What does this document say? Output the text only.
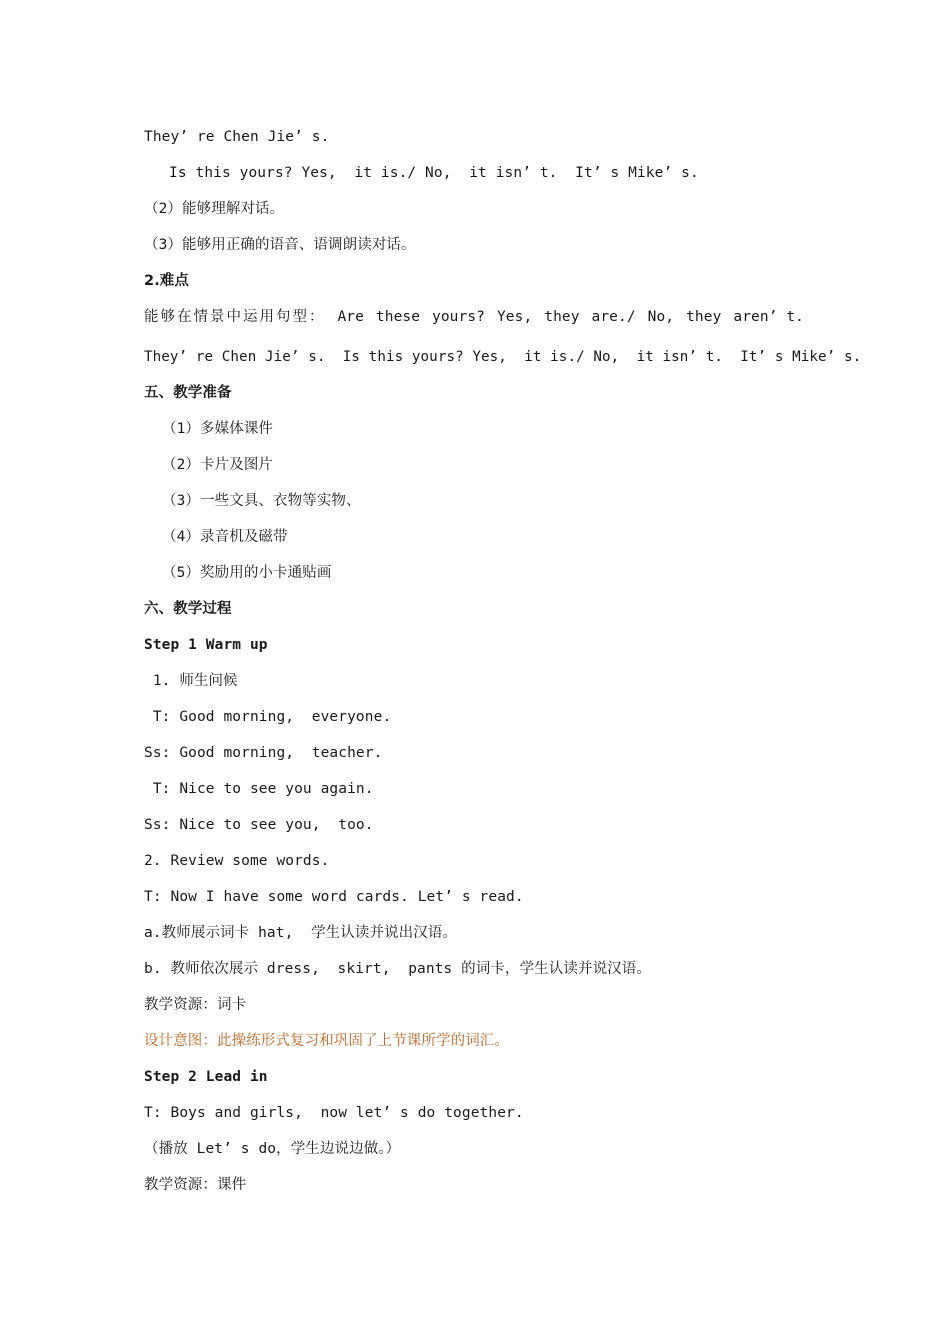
They’ re Chen Jie’ s.
Is this yours? Yes,  it is./ No,  it isn’ t.  It’ s Mike’ s.
（2）能够理解对话。
（3）能够用正确的语音、语调朗读对话。
2.难点
能够在情景中运用句型： Are these yours? Yes, they are./ No, they aren’ t.
They’ re Chen Jie’ s.  Is this yours? Yes,  it is./ No,  it isn’ t.  It’ s Mike’ s.
五、教学准备
（1）多媒体课件
（2）卡片及图片
（3）一些文具、衣物等实物、
（4）录音机及磁带
（5）奖励用的小卡通贴画
六、教学过程
Step 1 Warm up
1. 师生问候
T: Good morning,  everyone.
Ss: Good morning,  teacher.
T: Nice to see you again.
Ss: Nice to see you,  too.
2. Review some words.
T: Now I have some word cards. Let’ s read.
a.教师展示词卡 hat,  学生认读并说出汉语。
b. 教师依次展示 dress,  skirt,  pants 的词卡，学生认读并说汉语。
教学资源：词卡
设计意图：此操练形式复习和巩固了上节课所学的词汇。
Step 2 Lead in
T: Boys and girls,  now let’ s do together.
（播放 Let’ s do，学生边说边做。）
教学资源：课件
